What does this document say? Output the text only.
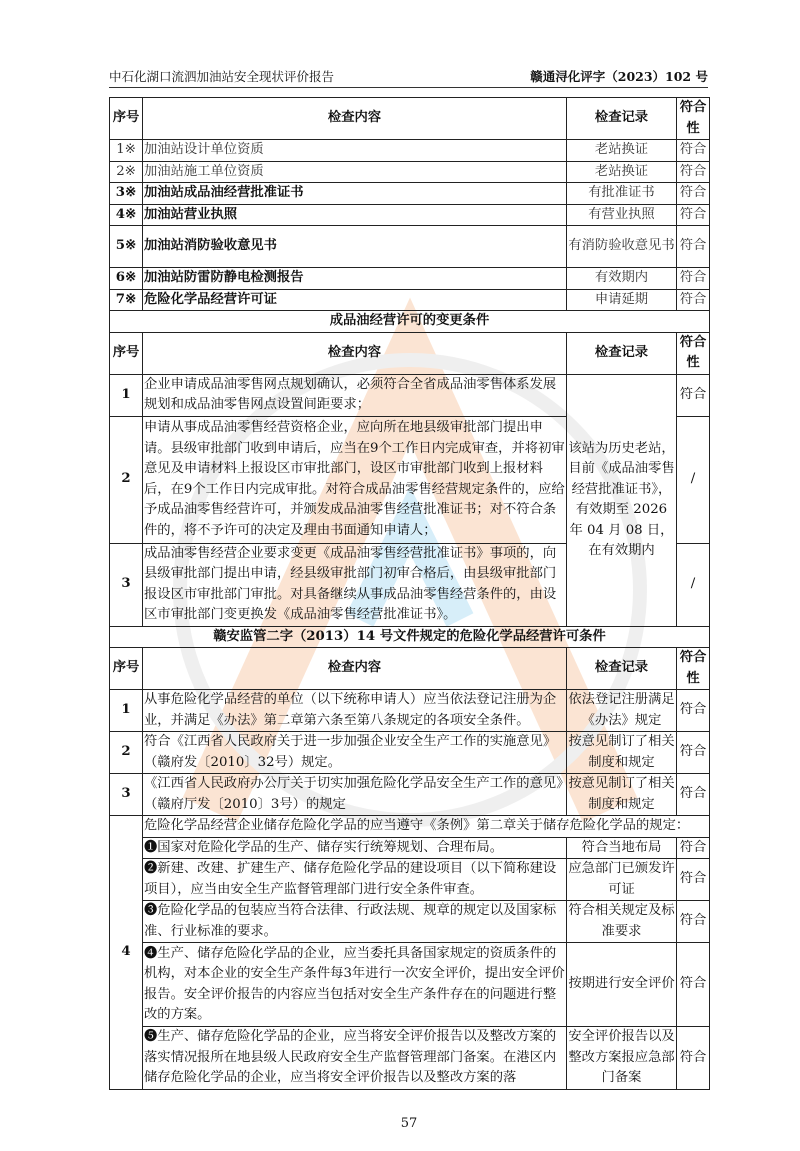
中石化湖口流泗加油站安全现状评价报告	赣通浔化评字（2023）102 号
序号	检查内容	检查记录	符合性
1※	加油站设计单位资质	老站换证	符合
2※	加油站施工单位资质	老站换证	符合
3※	加油站成品油经营批准证书	有批准证书	符合
4※	加油站营业执照	有营业执照	符合
5※	加油站消防验收意见书	有消防验收意见书	符合
6※	加油站防雷防静电检测报告	有效期内	符合
7※	危险化学品经营许可证	申请延期	符合
成品油经营许可的变更条件			
序号	检查内容	检查记录	符合性
1	企业申请成品油零售网点规划确认，必须符合全省成品油零售体系发展规划和成品油零售网点设置间距要求；	该站为历史老站，目前《成品油零售经营批准证书》，有效期至 2026 年 04 月 08 日，在有效期内	符合
2	申请从事成品油零售经营资格企业，应向所在地县级审批部门提出申请。县级审批部门收到申请后，应当在9个工作日内完成审查，并将初审意见及申请材料上报设区市审批部门，设区市审批部门收到上报材料后，在9个工作日内完成审批。对符合成品油零售经营规定条件的，应给予成品油零售经营许可，并颁发成品油零售经营批准证书；对不符合条件的，将不予许可的决定及理由书面通知申请人；		/
3	成品油零售经营企业要求变更《成品油零售经营批准证书》事项的，向县级审批部门提出申请，经县级审批部门初审合格后，由县级审批部门报设区市审批部门审批。对具备继续从事成品油零售经营条件的，由设区市审批部门变更换发《成品油零售经营批准证书》。		/
赣安监管二字（2013）14 号文件规定的危险化学品经营许可条件			
序号	检查内容	检查记录	符合性
1	从事危险化学品经营的单位（以下统称申请人）应当依法登记注册为企业，并满足《办法》第二章第六条至第八条规定的各项安全条件。	依法登记注册满足《办法》规定	符合
2	符合《江西省人民政府关于进一步加强企业安全生产工作的实施意见》（赣府发〔2010〕32号）规定。	按意见制订了相关制度和规定	符合
3	《江西省人民政府办公厅关于切实加强危险化学品安全生产工作的意见》（赣府厅发〔2010〕3号）的规定	按意见制订了相关制度和规定	符合
4	危险化学品经营企业储存危险化学品的应当遵守《条例》第二章关于储存危险化学品的规定：		
	❶国家对危险化学品的生产、储存实行统筹规划、合理布局。	符合当地布局	符合
	❷新建、改建、扩建生产、储存危险化学品的建设项目（以下简称建设项目），应当由安全生产监督管理部门进行安全条件审查。	应急部门已颁发许可证	符合
	❸危险化学品的包装应当符合法律、行政法规、规章的规定以及国家标准、行业标准的要求。	符合相关规定及标准要求	符合
	❹生产、储存危险化学品的企业，应当委托具备国家规定的资质条件的机构，对本企业的安全生产条件每3年进行一次安全评价，提出安全评价报告。安全评价报告的内容应当包括对安全生产条件存在的问题进行整改的方案。	按期进行安全评价	符合
	❺生产、储存危险化学品的企业，应当将安全评价报告以及整改方案的落实情况报所在地县级人民政府安全生产监督管理部门备案。在港区内储存危险化学品的企业，应当将安全评价报告以及整改方案的落	安全评价报告以及整改方案报应急部门备案	符合
57
